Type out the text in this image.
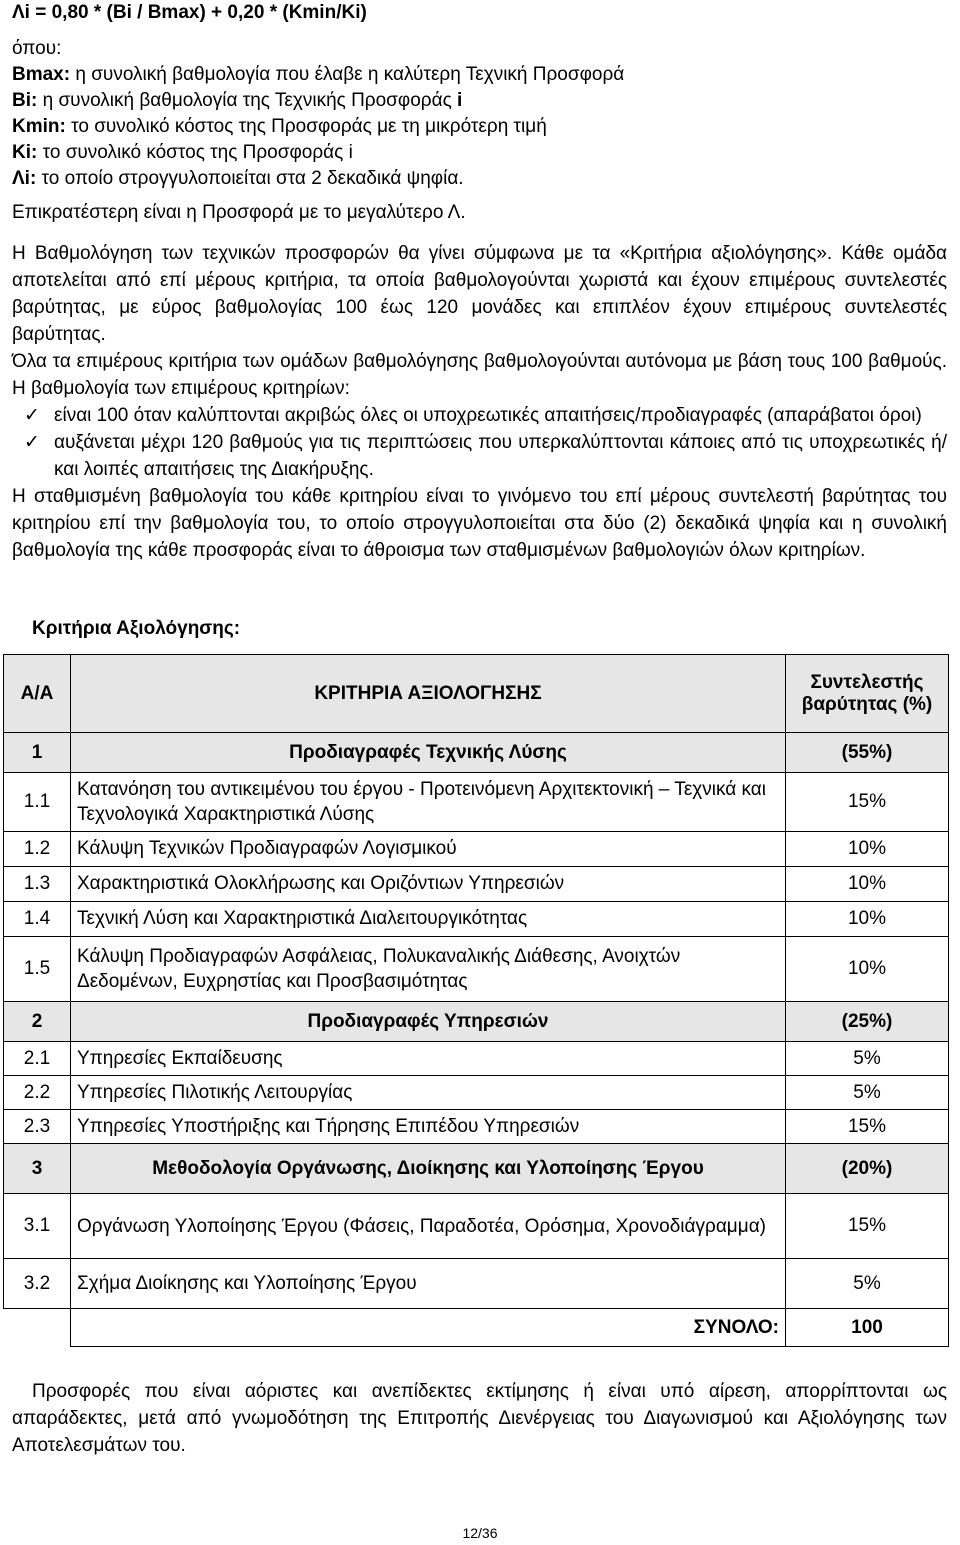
Λi = 0,80 * (Bi / Bmax) + 0,20 * (Kmin/Ki)
όπου:
Bmax: η συνολική βαθμολογία που έλαβε η καλύτερη Τεχνική Προσφορά
Bi: η συνολική βαθμολογία της Τεχνικής Προσφοράς i
Kmin: το συνολικό κόστος της Προσφοράς με τη μικρότερη τιμή
Ki: το συνολικό κόστος της Προσφοράς i
Λi: το οποίο στρογγυλοποιείται στα 2 δεκαδικά ψηφία.
Επικρατέστερη είναι η Προσφορά με το μεγαλύτερο Λ.
Η Βαθμολόγηση των τεχνικών προσφορών θα γίνει σύμφωνα με τα «Κριτήρια αξιολόγησης». Κάθε ομάδα αποτελείται από επί μέρους κριτήρια, τα οποία βαθμολογούνται χωριστά και έχουν επιμέρους συντελεστές βαρύτητας, με εύρος βαθμολογίας 100 έως 120 μονάδες και επιπλέον έχουν επιμέρους συντελεστές βαρύτητας.
Όλα τα επιμέρους κριτήρια των ομάδων βαθμολόγησης βαθμολογούνται αυτόνομα με βάση τους 100 βαθμούς. Η βαθμολογία των επιμέρους κριτηρίων:
✓ είναι 100 όταν καλύπτονται ακριβώς όλες οι υποχρεωτικές απαιτήσεις/προδιαγραφές (απαράβατοι όροι)
✓ αυξάνεται μέχρι 120 βαθμούς για τις περιπτώσεις που υπερκαλύπτονται κάποιες από τις υποχρεωτικές ή/και λοιπές απαιτήσεις της Διακήρυξης.
Η σταθμισμένη βαθμολογία του κάθε κριτηρίου είναι το γινόμενο του επί μέρους συντελεστή βαρύτητας του κριτηρίου επί την βαθμολογία του, το οποίο στρογγυλοποιείται στα δύο (2) δεκαδικά ψηφία και η συνολική βαθμολογία της κάθε προσφοράς είναι το άθροισμα των σταθμισμένων βαθμολογιών όλων κριτηρίων.
Κριτήρια Αξιολόγησης:
Α/Α	ΚΡΙΤΗΡΙΑ ΑΞΙΟΛΟΓΗΣΗΣ	Συντελεστής βαρύτητας (%)
1	Προδιαγραφές Τεχνικής Λύσης	(55%)
1.1	Κατανόηση του αντικειμένου του έργου - Προτεινόμενη Αρχιτεκτονική – Τεχνικά και Τεχνολογικά Χαρακτηριστικά Λύσης	15%
1.2	Κάλυψη Τεχνικών Προδιαγραφών Λογισμικού	10%
1.3	Χαρακτηριστικά Ολοκλήρωσης και Οριζόντιων Υπηρεσιών	10%
1.4	Τεχνική Λύση και Χαρακτηριστικά Διαλειτουργικότητας	10%
1.5	Κάλυψη Προδιαγραφών Ασφάλειας, Πολυκαναλικής Διάθεσης, Ανοιχτών Δεδομένων, Ευχρηστίας και Προσβασιμότητας	10%
2	Προδιαγραφές Υπηρεσιών	(25%)
2.1	Υπηρεσίες Εκπαίδευσης	5%
2.2	Υπηρεσίες Πιλοτικής Λειτουργίας	5%
2.3	Υπηρεσίες Υποστήριξης και Τήρησης Επιπέδου Υπηρεσιών	15%
3	Μεθοδολογία Οργάνωσης, Διοίκησης και Υλοποίησης Έργου	(20%)
3.1	Οργάνωση Υλοποίησης Έργου (Φάσεις, Παραδοτέα, Ορόσημα, Χρονοδιάγραμμα)	15%
3.2	Σχήμα Διοίκησης και Υλοποίησης Έργου	5%
	ΣΥΝΟΛΟ:	100
Προσφορές που είναι αόριστες και ανεπίδεκτες εκτίμησης ή είναι υπό αίρεση, απορρίπτονται ως απαράδεκτες, μετά από γνωμοδότηση της Επιτροπής Διενέργειας του Διαγωνισμού και Αξιολόγησης των Αποτελεσμάτων του.
12/36
